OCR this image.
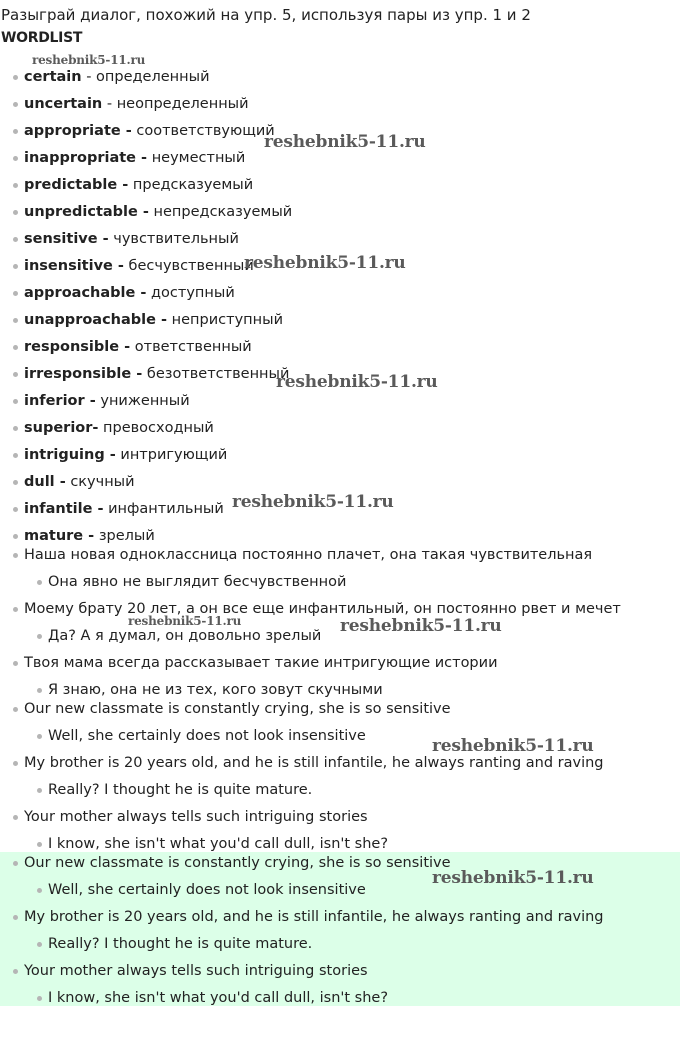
Разыграй диалог, похожий на упр. 5, используя пары из упр. 1 и 2
WORDLIST
certain - определенный
uncertain - неопределенный
appropriate - соответствующий
inappropriate - неуместный
predictable - предсказуемый
unpredictable - непредсказуемый
sensitive - чувствительный
insensitive - бесчувственный
approachable - доступный
unapproachable - неприступный
responsible - ответственный
irresponsible - безответственный
inferior - униженный
superior- превосходный
intriguing - интригующий
dull - скучный
infantile - инфантильный
mature - зрелый
Наша новая одноклассница постоянно плачет, она такая чувствительная
Она явно не выглядит бесчувственной
Моему брату 20 лет, а он все еще инфантильный, он постоянно рвет и мечет
Да? А я думал, он довольно зрелый
Твоя мама всегда рассказывает такие интригующие истории
Я знаю, она не из тех, кого зовут скучными
Our new classmate is constantly crying, she is so sensitive
Well, she certainly does not look insensitive
My brother is 20 years old, and he is still infantile, he always ranting and raving
Really? I thought he is quite mature.
Your mother always tells such intriguing stories
I know, she isn't what you'd call dull, isn't she?
Our new classmate is constantly crying, she is so sensitive
Well, she certainly does not look insensitive
My brother is 20 years old, and he is still infantile, he always ranting and raving
Really? I thought he is quite mature.
Your mother always tells such intriguing stories
I know, she isn't what you'd call dull, isn't she?
reshebnik5-11.ru
reshebnik5-11.ru
reshebnik5-11.ru
reshebnik5-11.ru
reshebnik5-11.ru
reshebnik5-11.ru	reshebnik5-11.ru
reshebnik5-11.ru
reshebnik5-11.ru
